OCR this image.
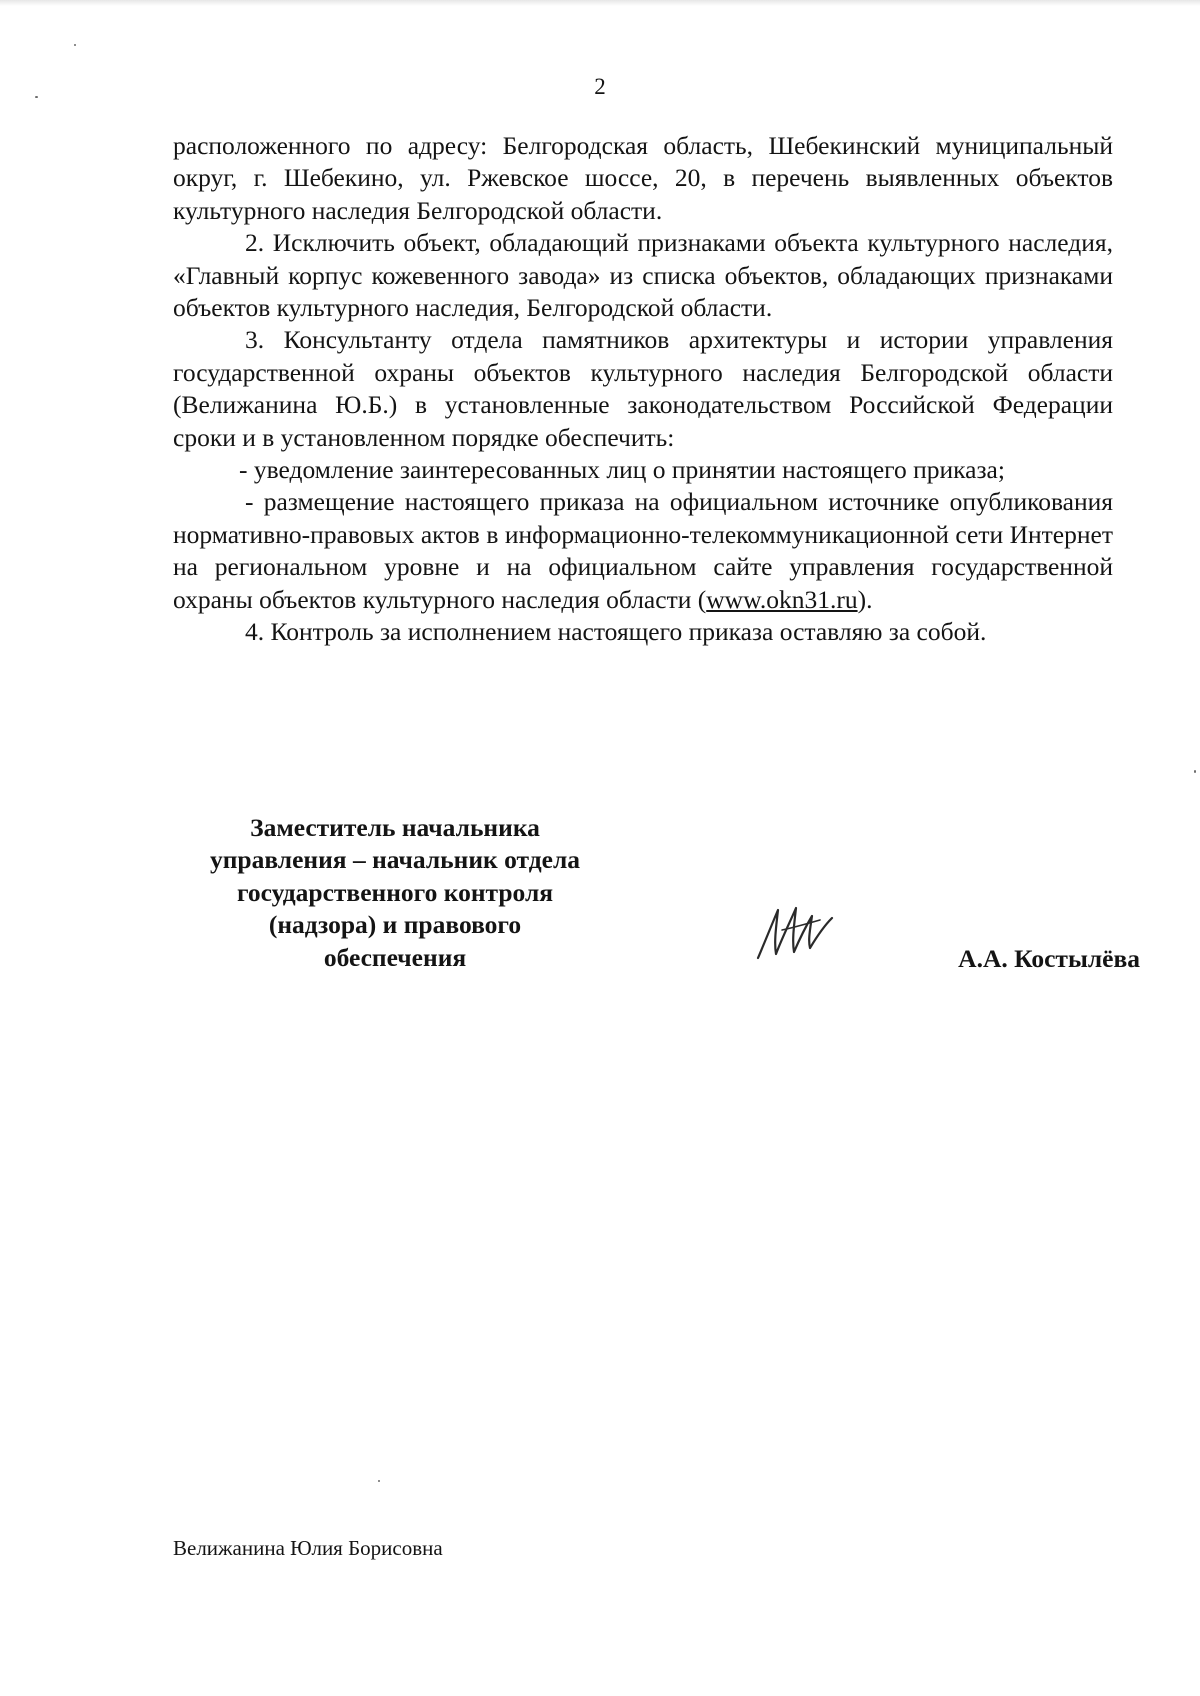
2

расположенного по адресу: Белгородская область, Шебекинский муниципальный округ, г. Шебекино, ул. Ржевское шоссе, 20, в перечень выявленных объектов культурного наследия Белгородской области.

2. Исключить объект, обладающий признаками объекта культурного наследия, «Главный корпус кожевенного завода» из списка объектов, обладающих признаками объектов культурного наследия, Белгородской области.

3. Консультанту отдела памятников архитектуры и истории управления государственной охраны объектов культурного наследия Белгородской области (Велижанина Ю.Б.) в установленные законодательством Российской Федерации сроки и в установленном порядке обеспечить:

- уведомление заинтересованных лиц о принятии настоящего приказа;

- размещение настоящего приказа на официальном источнике опубликования нормативно-правовых актов в информационно-телекоммуникационной сети Интернет на региональном уровне и на официальном сайте управления государственной охраны объектов культурного наследия области (www.okn31.ru).

4. Контроль за исполнением настоящего приказа оставляю за собой.

Заместитель начальника
управления – начальник отдела
государственного контроля
(надзора) и правового
обеспечения	А.А. Костылёва
Велижанина Юлия Борисовна
